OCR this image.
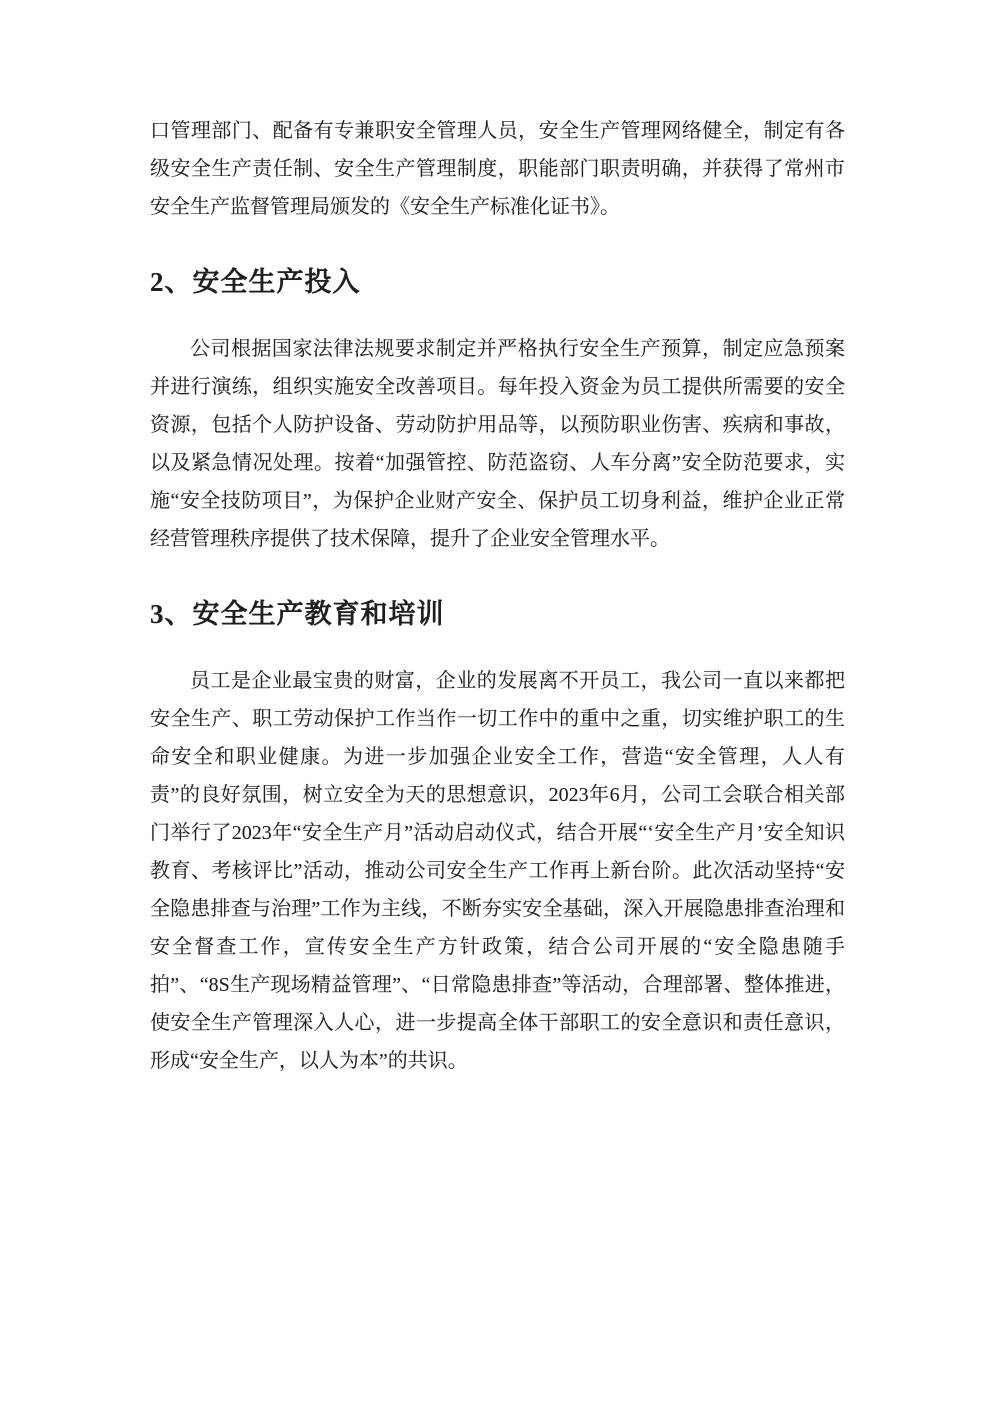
口管理部门、配备有专兼职安全管理人员，安全生产管理网络健全，制定有各级安全生产责任制、安全生产管理制度，职能部门职责明确，并获得了常州市安全生产监督管理局颁发的《安全生产标准化证书》。

2、安全生产投入

公司根据国家法律法规要求制定并严格执行安全生产预算，制定应急预案并进行演练，组织实施安全改善项目。每年投入资金为员工提供所需要的安全资源，包括个人防护设备、劳动防护用品等，以预防职业伤害、疾病和事故，以及紧急情况处理。按着“加强管控、防范盗窃、人车分离”安全防范要求，实施“安全技防项目”，为保护企业财产安全、保护员工切身利益，维护企业正常经营管理秩序提供了技术保障，提升了企业安全管理水平。

3、安全生产教育和培训

员工是企业最宝贵的财富，企业的发展离不开员工，我公司一直以来都把安全生产、职工劳动保护工作当作一切工作中的重中之重，切实维护职工的生命安全和职业健康。为进一步加强企业安全工作，营造“安全管理，人人有责”的良好氛围，树立安全为天的思想意识，2023年6月，公司工会联合相关部门举行了2023年“安全生产月”活动启动仪式，结合开展“‘安全生产月’安全知识教育、考核评比”活动，推动公司安全生产工作再上新台阶。此次活动坚持“安全隐患排查与治理”工作为主线，不断夯实安全基础，深入开展隐患排查治理和安全督查工作，宣传安全生产方针政策，结合公司开展的“安全隐患随手拍”、“8S生产现场精益管理”、“日常隐患排查”等活动，合理部署、整体推进，使安全生产管理深入人心，进一步提高全体干部职工的安全意识和责任意识，形成“安全生产，以人为本”的共识。
